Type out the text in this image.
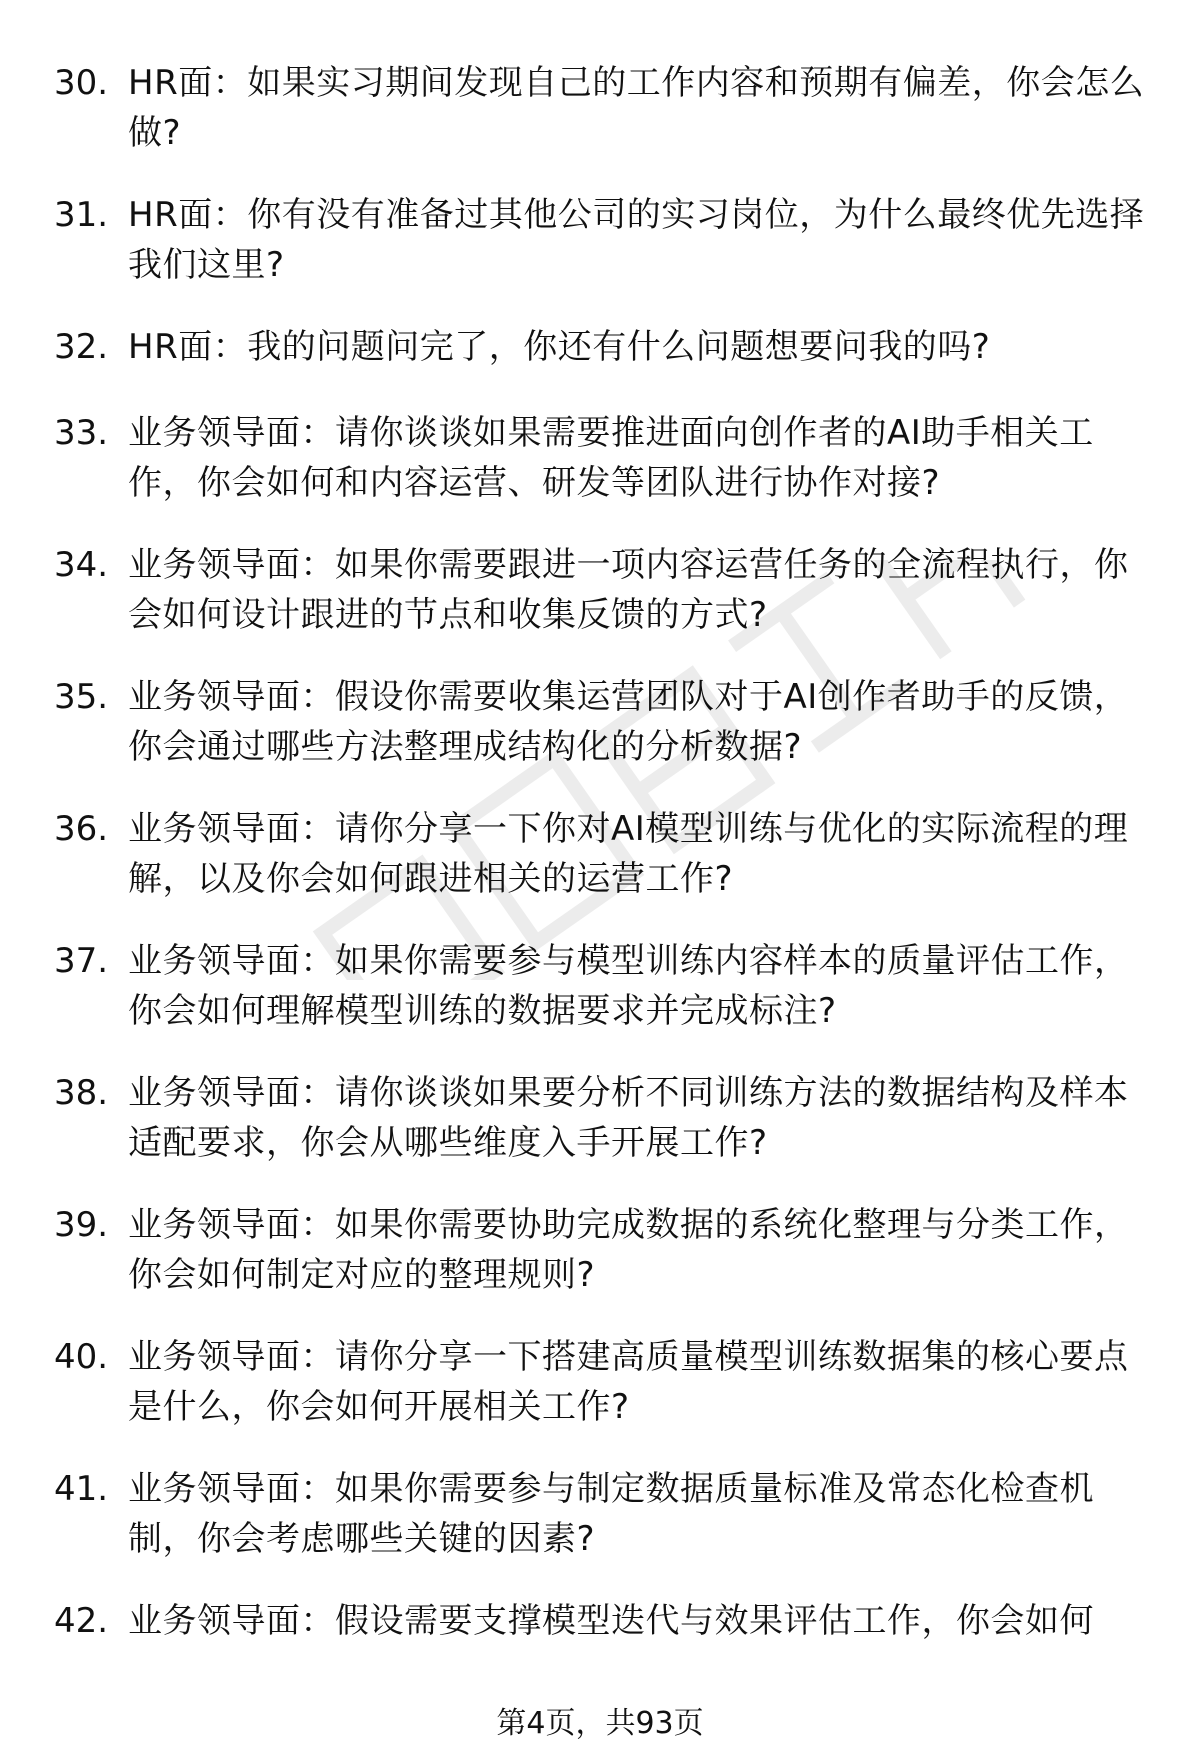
30. HR面：如果实习期间发现自己的工作内容和预期有偏差，你会怎么做?
31. HR面：你有没有准备过其他公司的实习岗位，为什么最终优先选择我们这里?
32. HR面：我的问题问完了，你还有什么问题想要问我的吗?
33. 业务领导面：请你谈谈如果需要推进面向创作者的AI助手相关工作，你会如何和内容运营、研发等团队进行协作对接?
34. 业务领导面：如果你需要跟进一项内容运营任务的全流程执行，你会如何设计跟进的节点和收集反馈的方式?
35. 业务领导面：假设你需要收集运营团队对于AI创作者助手的反馈，你会通过哪些方法整理成结构化的分析数据?
36. 业务领导面：请你分享一下你对AI模型训练与优化的实际流程的理解，以及你会如何跟进相关的运营工作?
37. 业务领导面：如果你需要参与模型训练内容样本的质量评估工作，你会如何理解模型训练的数据要求并完成标注?
38. 业务领导面：请你谈谈如果要分析不同训练方法的数据结构及样本适配要求，你会从哪些维度入手开展工作?
39. 业务领导面：如果你需要协助完成数据的系统化整理与分类工作，你会如何制定对应的整理规则?
40. 业务领导面：请你分享一下搭建高质量模型训练数据集的核心要点是什么，你会如何开展相关工作?
41. 业务领导面：如果你需要参与制定数据质量标准及常态化检查机制，你会考虑哪些关键的因素?
42. 业务领导面：假设需要支撑模型迭代与效果评估工作，你会如何
第4页，共93页
